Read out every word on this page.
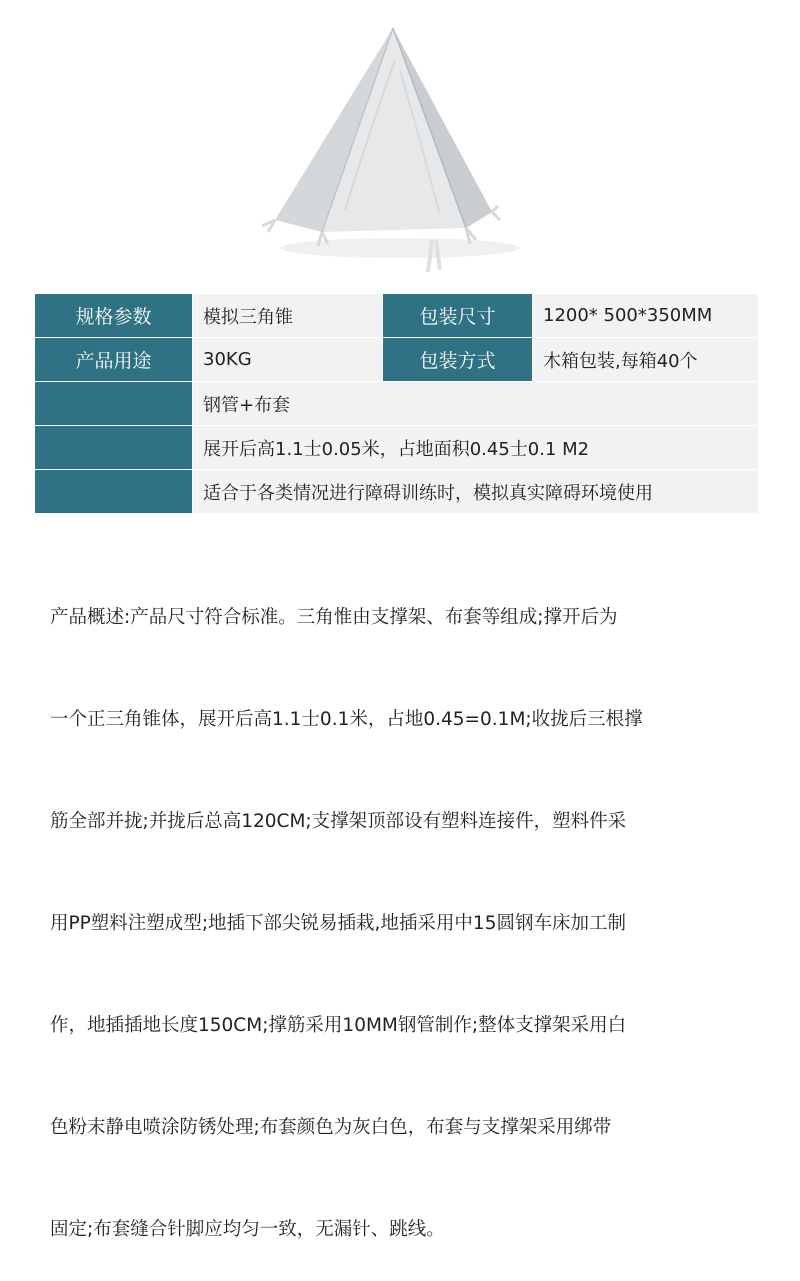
规格参数	模拟三角锥	包装尺寸	1200* 500*350MM
产品用途	30KG	包装方式	木箱包装,每箱40个
	钢管+布套		
	展开后高1.1士0.05米，占地面积0.45士0.1 M2		
	适合于各类情况进行障碍训练时，模拟真实障碍环境使用		

产品概述:产品尺寸符合标准。三角惟由支撑架、布套等组成;撑开后为

一个正三角锥体，展开后高1.1士0.1米，占地0.45=0.1M;收拢后三根撑

筋全部并拢;并拢后总高120CM;支撑架顶部设有塑料连接件，塑料件采

用PP塑料注塑成型;地插下部尖锐易插栽,地插采用中15圆钢车床加工制

作，地插插地长度150CM;撑筋采用10MM钢管制作;整体支撑架采用白

色粉末静电喷涂防锈处理;布套颜色为灰白色，布套与支撑架采用绑带

固定;布套缝合针脚应均匀一致，无漏针、跳线。
